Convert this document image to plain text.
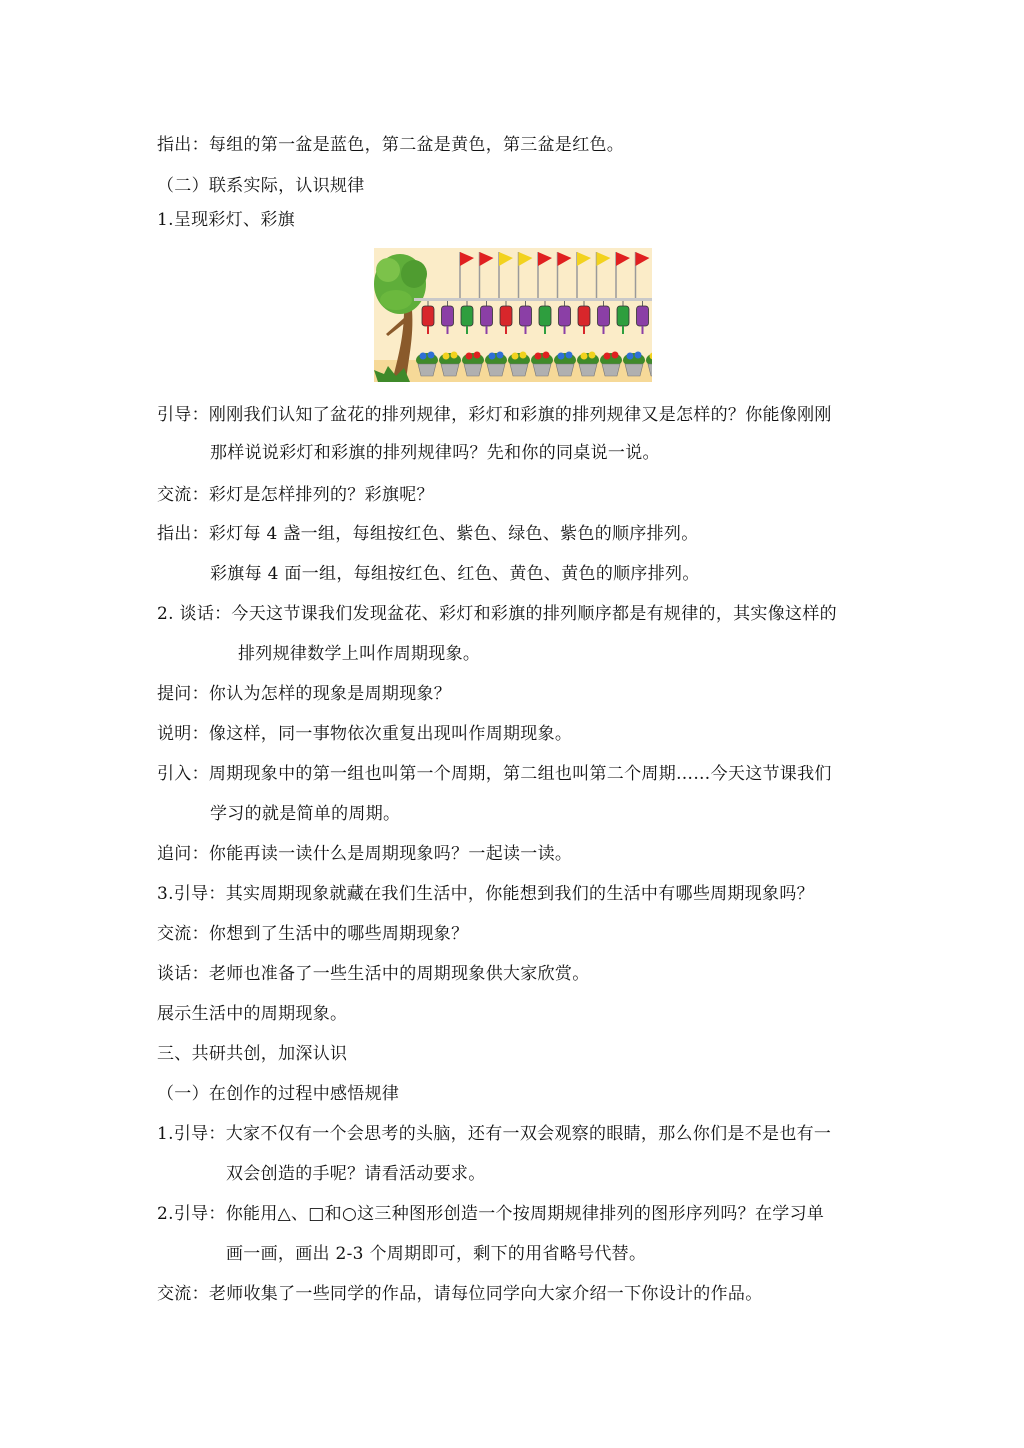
指出：每组的第一盆是蓝色，第二盆是黄色，第三盆是红色。
（二）联系实际，认识规律
1.呈现彩灯、彩旗
引导：刚刚我们认知了盆花的排列规律，彩灯和彩旗的排列规律又是怎样的？你能像刚刚
那样说说彩灯和彩旗的排列规律吗？先和你的同桌说一说。
交流：彩灯是怎样排列的？彩旗呢？
指出：彩灯每 4 盏一组，每组按红色、紫色、绿色、紫色的顺序排列。
彩旗每 4 面一组，每组按红色、红色、黄色、黄色的顺序排列。
2. 谈话：今天这节课我们发现盆花、彩灯和彩旗的排列顺序都是有规律的，其实像这样的
排列规律数学上叫作周期现象。
提问：你认为怎样的现象是周期现象？
说明：像这样，同一事物依次重复出现叫作周期现象。
引入：周期现象中的第一组也叫第一个周期，第二组也叫第二个周期……今天这节课我们
学习的就是简单的周期。
追问：你能再读一读什么是周期现象吗？一起读一读。
3.引导：其实周期现象就藏在我们生活中，你能想到我们的生活中有哪些周期现象吗？
交流：你想到了生活中的哪些周期现象？
谈话：老师也准备了一些生活中的周期现象供大家欣赏。
展示生活中的周期现象。
三、共研共创，加深认识
（一）在创作的过程中感悟规律
1.引导：大家不仅有一个会思考的头脑，还有一双会观察的眼睛，那么你们是不是也有一
双会创造的手呢？请看活动要求。
2.引导：你能用△、□和○这三种图形创造一个按周期规律排列的图形序列吗？在学习单
画一画，画出 2-3 个周期即可，剩下的用省略号代替。
交流：老师收集了一些同学的作品，请每位同学向大家介绍一下你设计的作品。
